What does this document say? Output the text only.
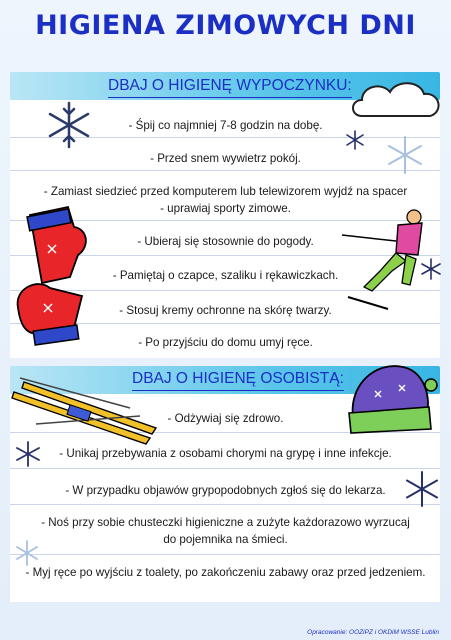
HIGIENA ZIMOWYCH DNI
DBAJ O HIGIENĘ WYPOCZYNKU:
- Śpij co najmniej 7-8 godzin na dobę.
- Przed snem wywietrz pokój.
- Zamiast siedzieć przed komputerem lub telewizorem wyjdź na spacer
- uprawiaj sporty zimowe.
- Ubieraj się stosownie do pogody.
- Pamiętaj o czapce, szaliku i rękawiczkach.
- Stosuj kremy ochronne na skórę twarzy.
- Po przyjściu do domu umyj ręce.
DBAJ O HIGIENĘ OSOBISTĄ:
- Odżywiaj się zdrowo.
- Unikaj przebywania z osobami chorymi na grypę i inne infekcje.
- W przypadku objawów grypopodobnych zgłoś się do lekarza.
- Noś przy sobie chusteczki higieniczne a zużyte każdorazowo wyrzucaj
do pojemnika na śmieci.
- Myj ręce po wyjściu z toalety, po zakończeniu zabawy oraz przed jedzeniem.
Opracowanie: OOZiPZ i OKDiM WSSE Lublin
